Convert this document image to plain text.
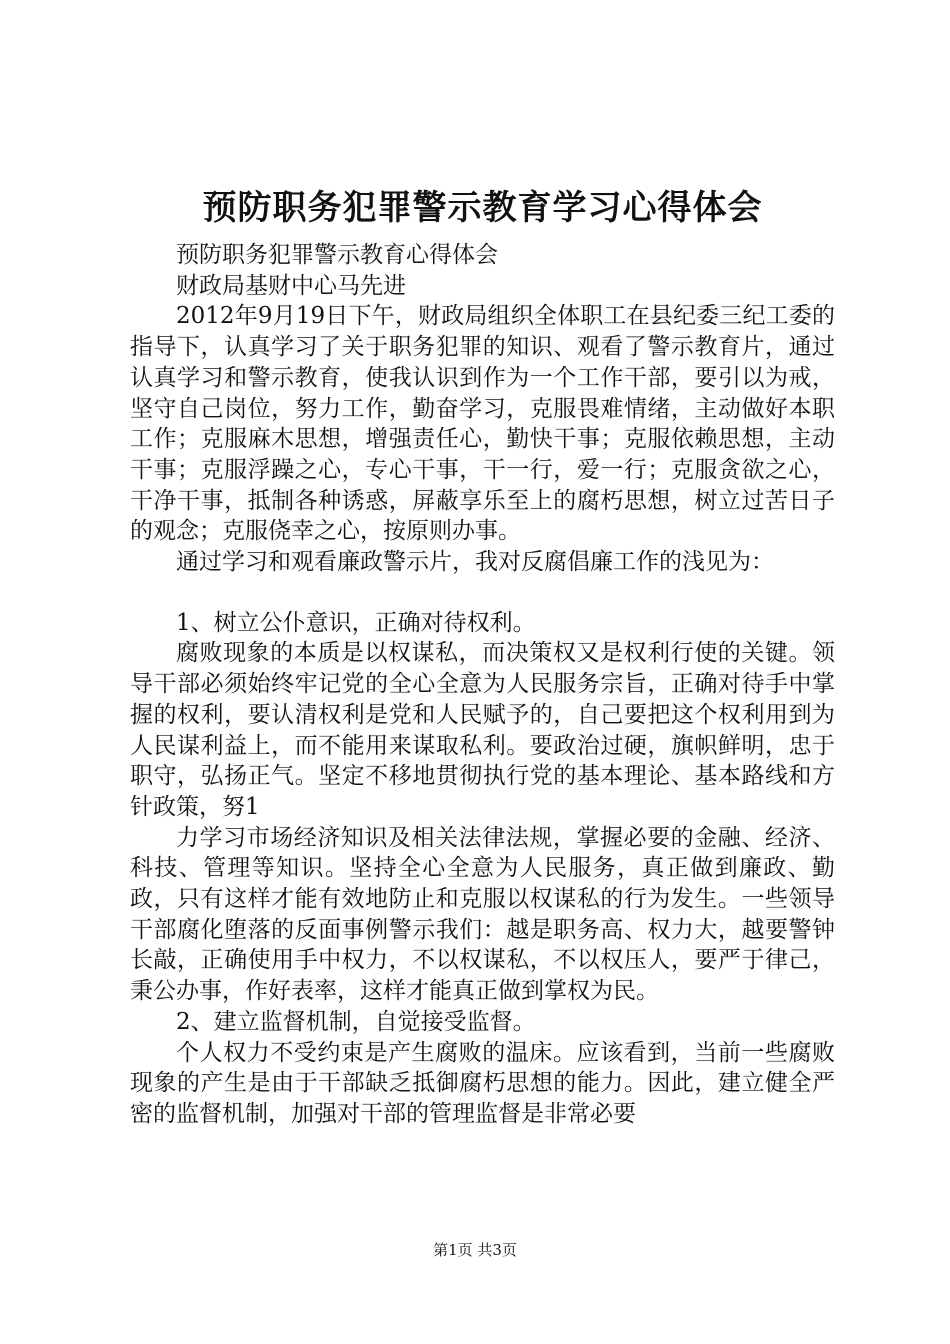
预防职务犯罪警示教育学习心得体会

预防职务犯罪警示教育心得体会

财政局基财中心马先进

2012年9月19日下午，财政局组织全体职工在县纪委三纪工委的指导下，认真学习了关于职务犯罪的知识、观看了警示教育片，通过认真学习和警示教育，使我认识到作为一个工作干部，要引以为戒，坚守自己岗位，努力工作，勤奋学习，克服畏难情绪，主动做好本职工作；克服麻木思想，增强责任心，勤快干事；克服依赖思想，主动干事；克服浮躁之心，专心干事，干一行，爱一行；克服贪欲之心，干净干事，抵制各种诱惑，屏蔽享乐至上的腐朽思想，树立过苦日子的观念；克服侥幸之心，按原则办事。

通过学习和观看廉政警示片，我对反腐倡廉工作的浅见为：

1、树立公仆意识，正确对待权利。

腐败现象的本质是以权谋私，而决策权又是权利行使的关键。领导干部必须始终牢记党的全心全意为人民服务宗旨，正确对待手中掌握的权利，要认清权利是党和人民赋予的，自己要把这个权利用到为人民谋利益上，而不能用来谋取私利。要政治过硬，旗帜鲜明，忠于职守，弘扬正气。坚定不移地贯彻执行党的基本理论、基本路线和方针政策，努1

力学习市场经济知识及相关法律法规，掌握必要的金融、经济、科技、管理等知识。坚持全心全意为人民服务，真正做到廉政、勤政，只有这样才能有效地防止和克服以权谋私的行为发生。一些领导干部腐化堕落的反面事例警示我们：越是职务高、权力大，越要警钟长敲，正确使用手中权力，不以权谋私，不以权压人，要严于律己，秉公办事，作好表率，这样才能真正做到掌权为民。

2、建立监督机制，自觉接受监督。

个人权力不受约束是产生腐败的温床。应该看到，当前一些腐败现象的产生是由于干部缺乏抵御腐朽思想的能力。因此，建立健全严密的监督机制，加强对干部的管理监督是非常必要

第1页 共3页
